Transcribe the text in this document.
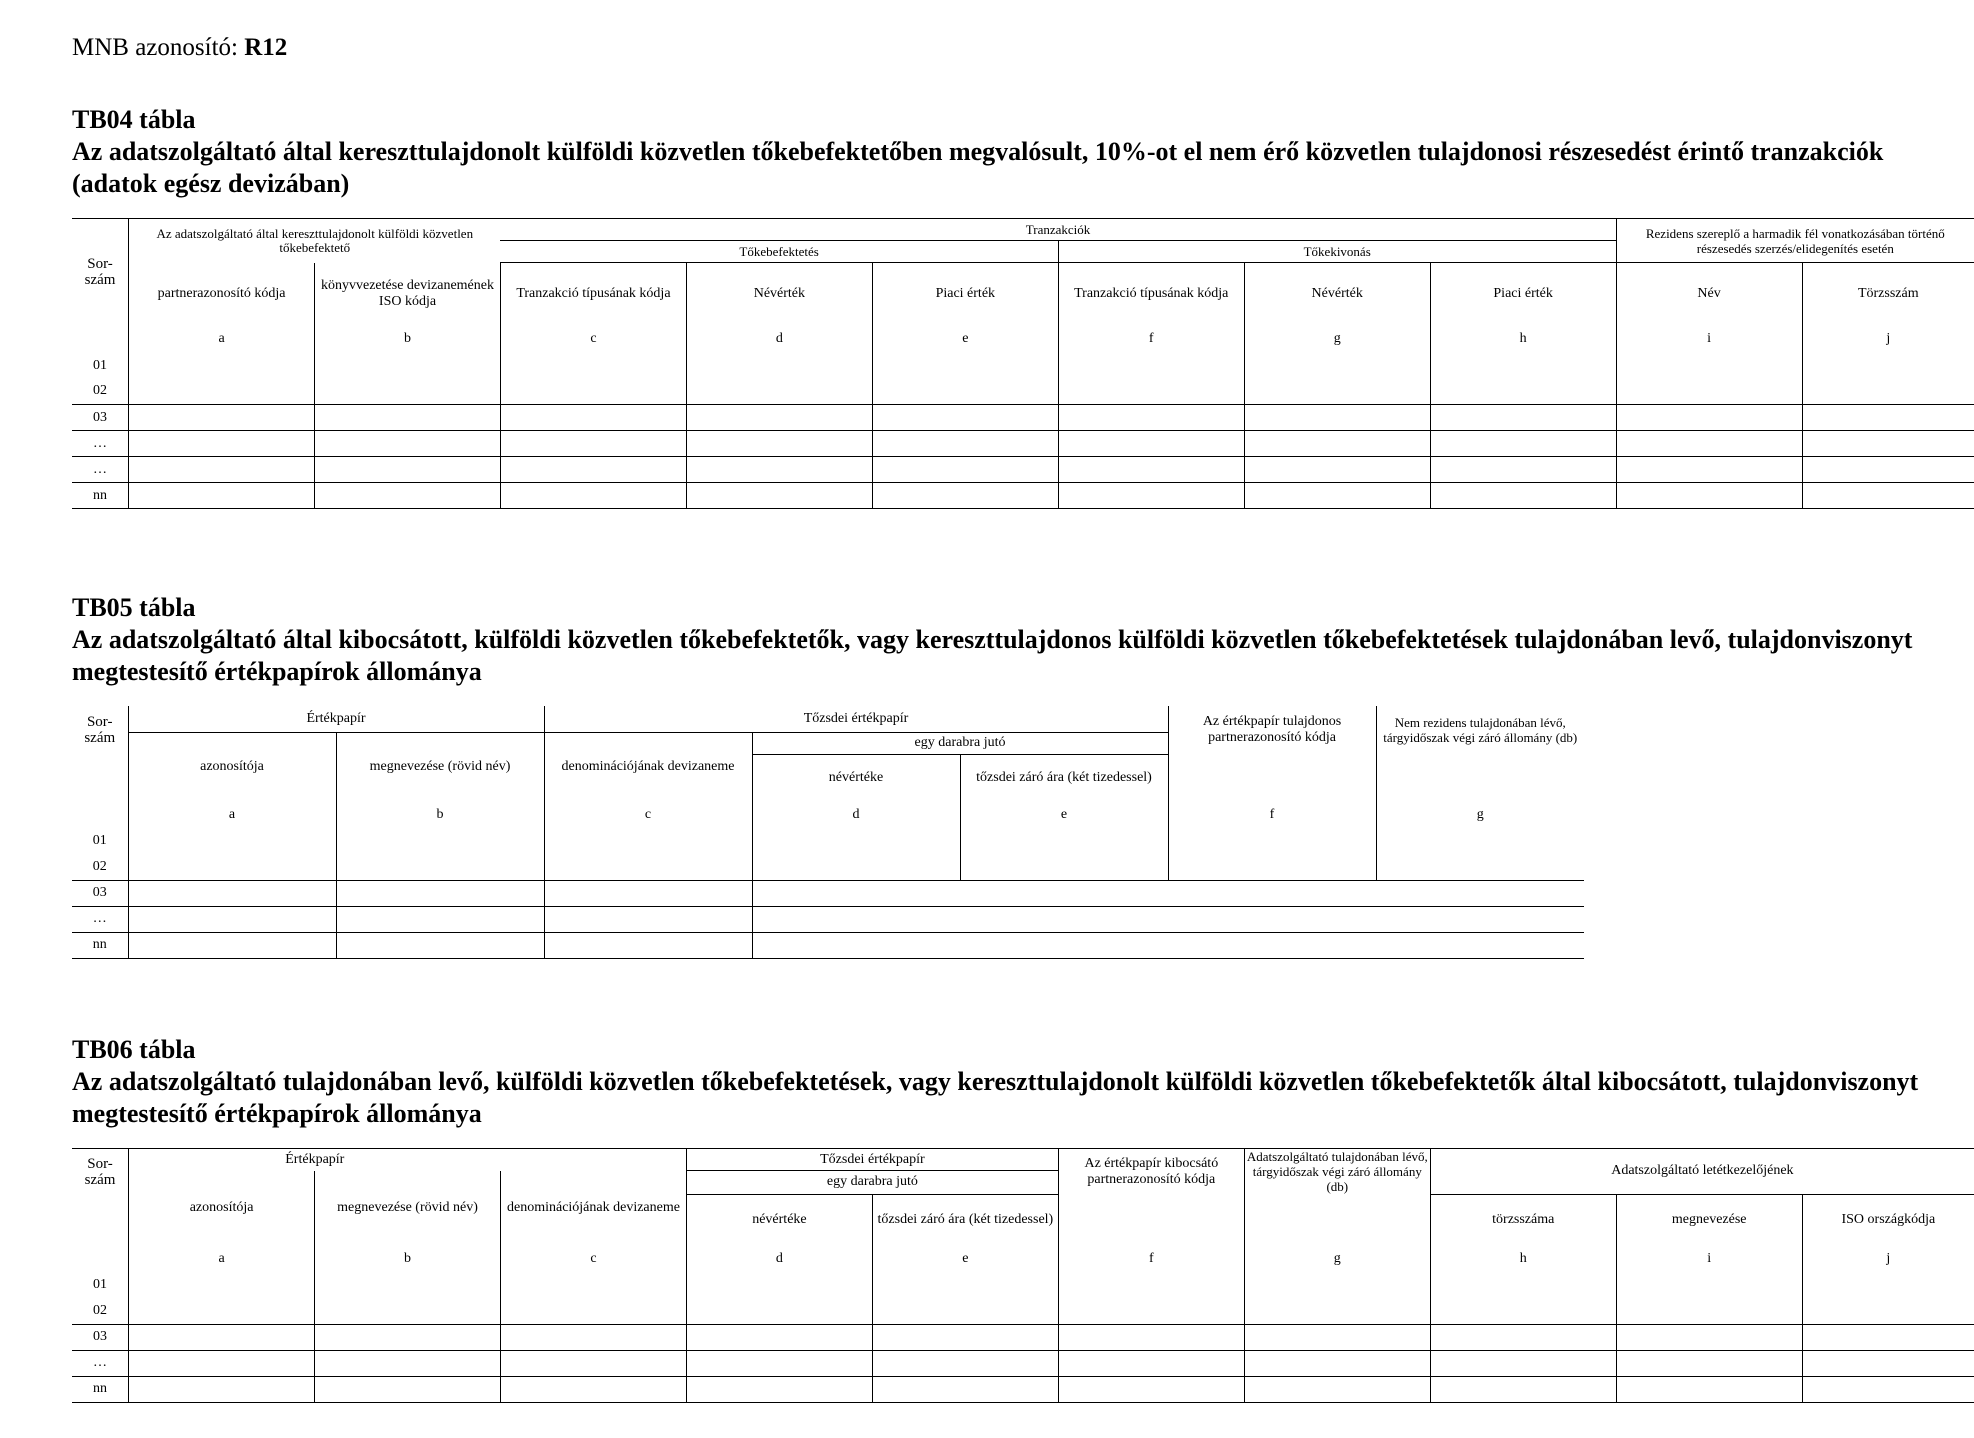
MNB azonosító: R12
TB04 tábla
Az adatszolgáltató által kereszttulajdonolt külföldi közvetlen tőkebefektetőben megvalósult, 10%-ot el nem érő közvetlen tulajdonosi részesedést érintő tranzakciók (adatok egész devizában)
Sor-
szám	Az adatszolgáltató által kereszttulajdonolt külföldi közvetlen tőkebefektető		Tranzakciók						Rezidens szereplő a harmadik fél vonatkozásában történő részesedés szerzés/elidegenítés esetén	
			Tőkebefektetés			Tőkekivonás				
	partnerazonosító kódja	könyvvezetése devizanemének ISO kódja	Tranzakció típusának kódja	Névérték	Piaci érték	Tranzakció típusának kódja	Névérték	Piaci érték	Név	Törzsszám
	a	b	c	d	e	f	g	h	i	j
01										
02										
03										
…										
…										
nn										
TB05 tábla
Az adatszolgáltató által kibocsátott, külföldi közvetlen tőkebefektetők, vagy kereszttulajdonos külföldi közvetlen tőkebefektetések tulajdonában levő, tulajdonviszonyt megtestesítő értékpapírok állománya
Sor-
szám	Értékpapír		Tőzsdei értékpapír			Az értékpapír tulajdonos partnerazonosító kódja	Nem rezidens tulajdonában lévő, tárgyidőszak végi záró állomány (db)
	azonosítója	megnevezése (rövid név)	denominációjának devizaneme	egy darabra jutó			
				névértéke	tőzsdei záró ára (két tizedessel)		
	a	b	c	d	e	f	g
01							
02							
03							
…							
nn							
TB06 tábla
Az adatszolgáltató tulajdonában levő, külföldi közvetlen tőkebefektetések, vagy kereszttulajdonolt külföldi közvetlen tőkebefektetők által kibocsátott, tulajdonviszonyt megtestesítő értékpapírok állománya
Sor-
szám	Értékpapír			Tőzsdei értékpapír		Az értékpapír kibocsátó partnerazonosító kódja	Adatszolgáltató tulajdonában lévő, tárgyidőszak végi záró állomány (db)	Adatszolgáltató letétkezelőjének		
	azonosítója	megnevezése (rövid név)	denominációjának devizaneme	egy darabra jutó						
				névértéke	tőzsdei záró ára (két tizedessel)			törzsszáma	megnevezése	ISO országkódja
	a	b	c	d	e	f	g	h	i	j
01										
02										
03										
…										
nn										
